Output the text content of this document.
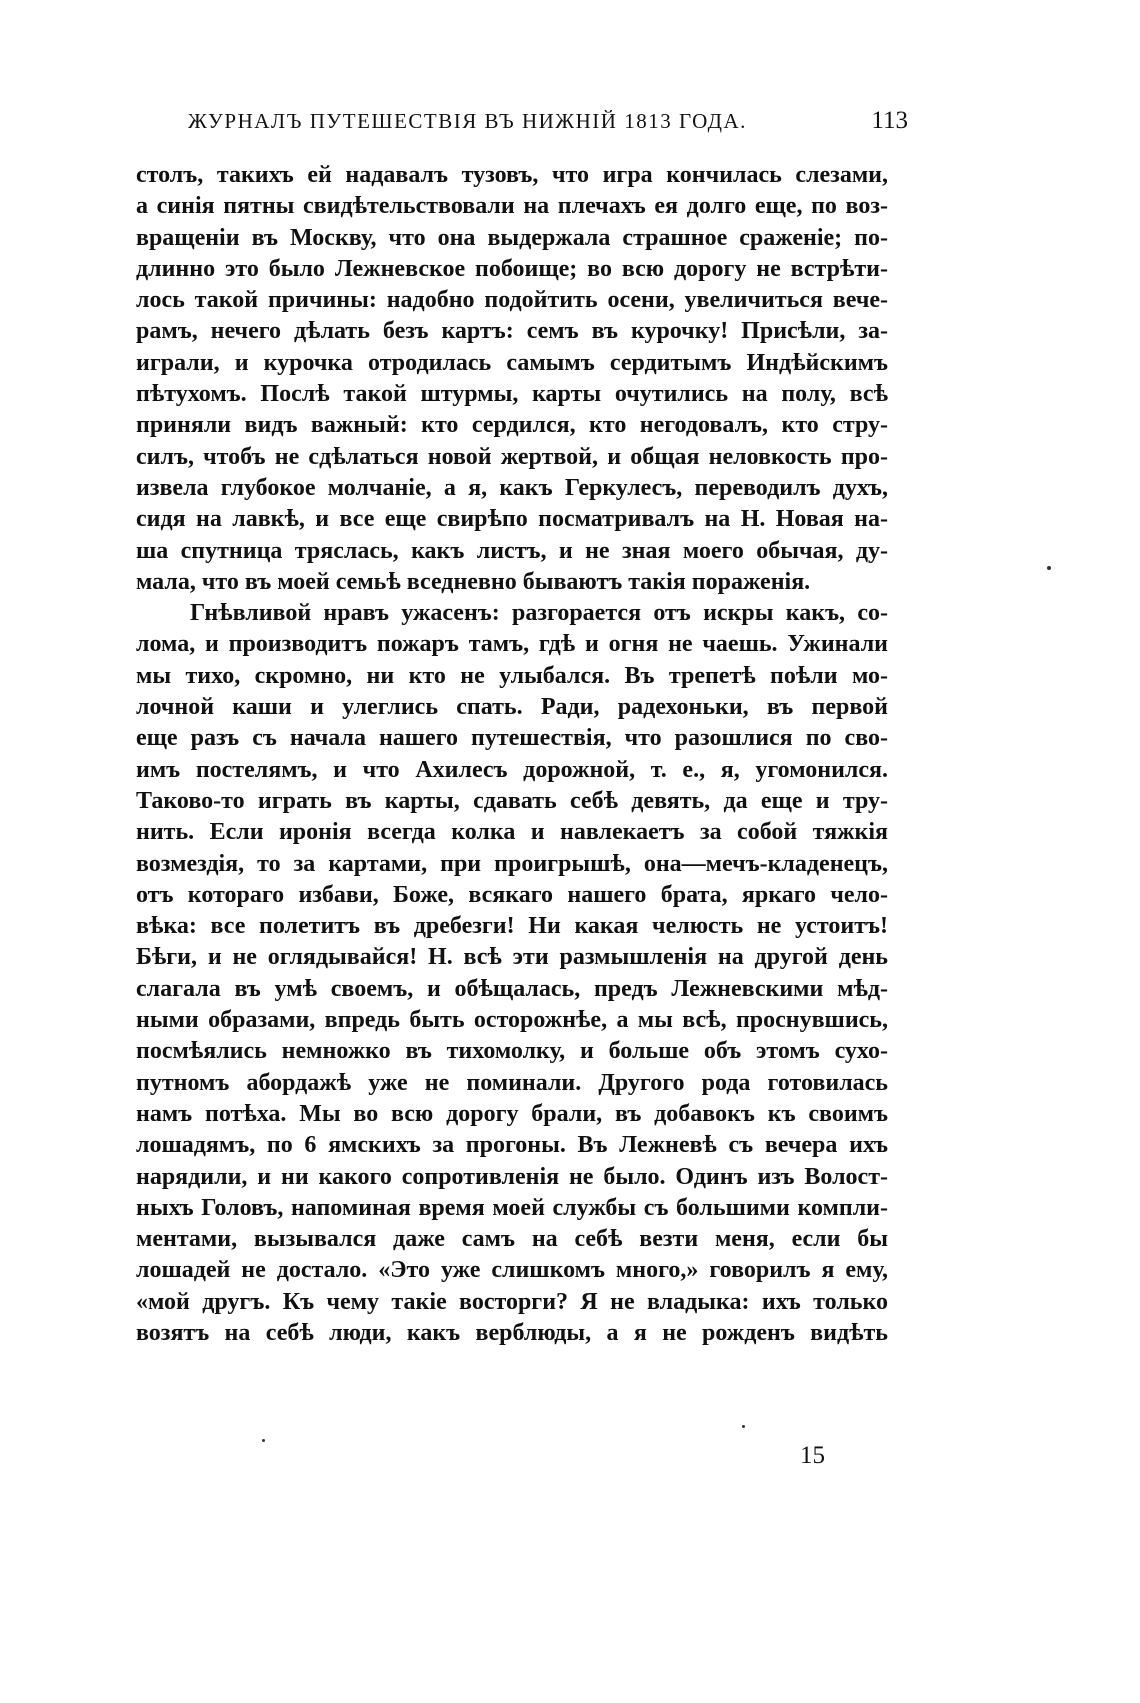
ЖУРНАЛЪ ПУТЕШЕСТВІЯ ВЪ НИЖНІЙ 1813 ГОДА.	113
столъ, такихъ ей надавалъ тузовъ, что игра кончилась слезами,
а синія пятны свидѣтельствовали на плечахъ ея долго еще, по воз-
вращеніи въ Москву, что она выдержала страшное сраженіе; по-
длинно это было Лежневское побоище; во всю дорогу не встрѣти-
лось такой причины: надобно подойтить осени, увеличиться вече-
рамъ, нечего дѣлать безъ картъ: семъ въ курочку! Присѣли, за-
играли, и курочка отродилась самымъ сердитымъ Индѣйскимъ
пѣтухомъ. Послѣ такой штурмы, карты очутились на полу, всѣ
приняли видъ важный: кто сердился, кто негодовалъ, кто стру-
силъ, чтобъ не сдѣлаться новой жертвой, и общая неловкость про-
извела глубокое молчаніе, а я, какъ Геркулесъ, переводилъ духъ,
сидя на лавкѣ, и все еще свирѣпо посматривалъ на Н. Новая на-
ша спутница тряслась, какъ листъ, и не зная моего обычая, ду-
мала, что въ моей семьѣ вседневно бываютъ такія пораженія.
Гнѣвливой нравъ ужасенъ: разгорается отъ искры какъ, со-
лома, и производитъ пожаръ тамъ, гдѣ и огня не чаешь. Ужинали
мы тихо, скромно, ни кто не улыбался. Въ трепетѣ поѣли мо-
лочной каши и улеглись спать. Ради, радехоньки, въ первой
еще разъ съ начала нашего путешествія, что разошлися по сво-
имъ постелямъ, и что Ахилесъ дорожной, т. е., я, угомонился.
Таково-то играть въ карты, сдавать себѣ девять, да еще и тру-
нить. Если иронія всегда колка и навлекаетъ за собой тяжкія
возмездія, то за картами, при проигрышѣ, она—мечъ-кладенецъ,
отъ котораго избави, Боже, всякаго нашего брата, яркаго чело-
вѣка: все полетитъ въ дребезги! Ни какая челюсть не устоитъ!
Бѣги, и не оглядывайся! Н. всѣ эти размышленія на другой день
слагала въ умѣ своемъ, и обѣщалась, предъ Лежневскими мѣд-
ными образами, впредь быть осторожнѣе, а мы всѣ, проснувшись,
посмѣялись немножко въ тихомолку, и больше объ этомъ сухо-
путномъ абордажѣ уже не поминали. Другого рода готовилась
намъ потѣха. Мы во всю дорогу брали, въ добавокъ къ своимъ
лошадямъ, по 6 ямскихъ за прогоны. Въ Лежневѣ съ вечера ихъ
нарядили, и ни какого сопротивленія не было. Одинъ изъ Волост-
ныхъ Головъ, напоминая время моей службы съ большими компли-
ментами, вызывался даже самъ на себѣ везти меня, если бы
лошадей не достало. «Это уже слишкомъ много,» говорилъ я ему,
«мой другъ. Къ чему такіе восторги? Я не владыка: ихъ только
возятъ на себѣ люди, какъ верблюды, а я не рожденъ видѣть
15
